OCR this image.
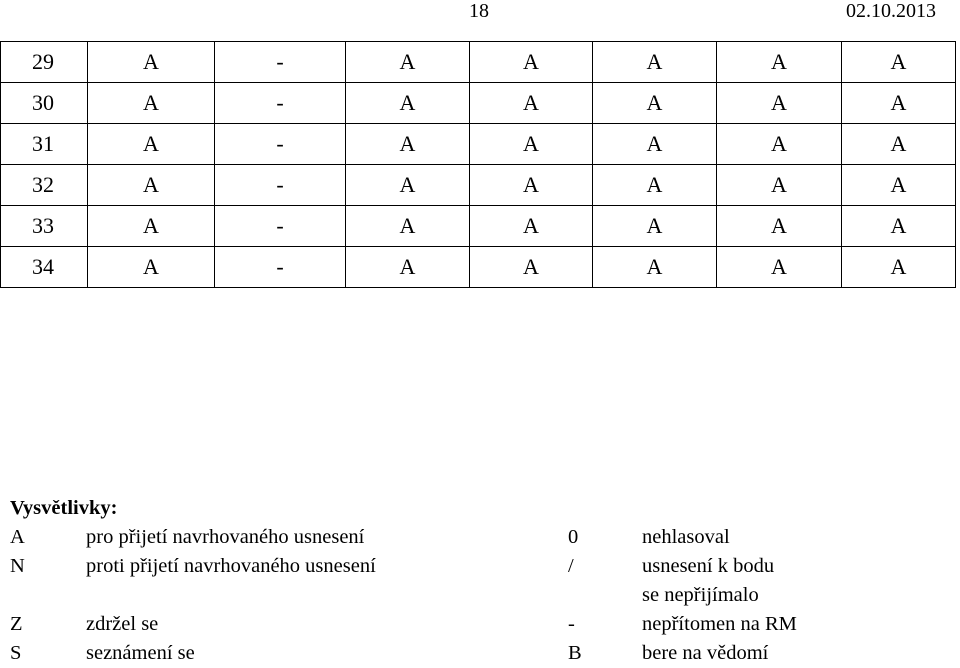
18	02.10.2013
29	A	-	A	A	A	A	A
30	A	-	A	A	A	A	A
31	A	-	A	A	A	A	A
32	A	-	A	A	A	A	A
33	A	-	A	A	A	A	A
34	A	-	A	A	A	A	A
Vysvětlivky:
A	pro přijetí navrhovaného usnesení	0	nehlasoval
N	proti přijetí navrhovaného usnesení	/	usnesení k bodu
se nepřijímalo
Z	zdržel se	-	nepřítomen na RM
S	seznámení se	B	bere na vědomí
